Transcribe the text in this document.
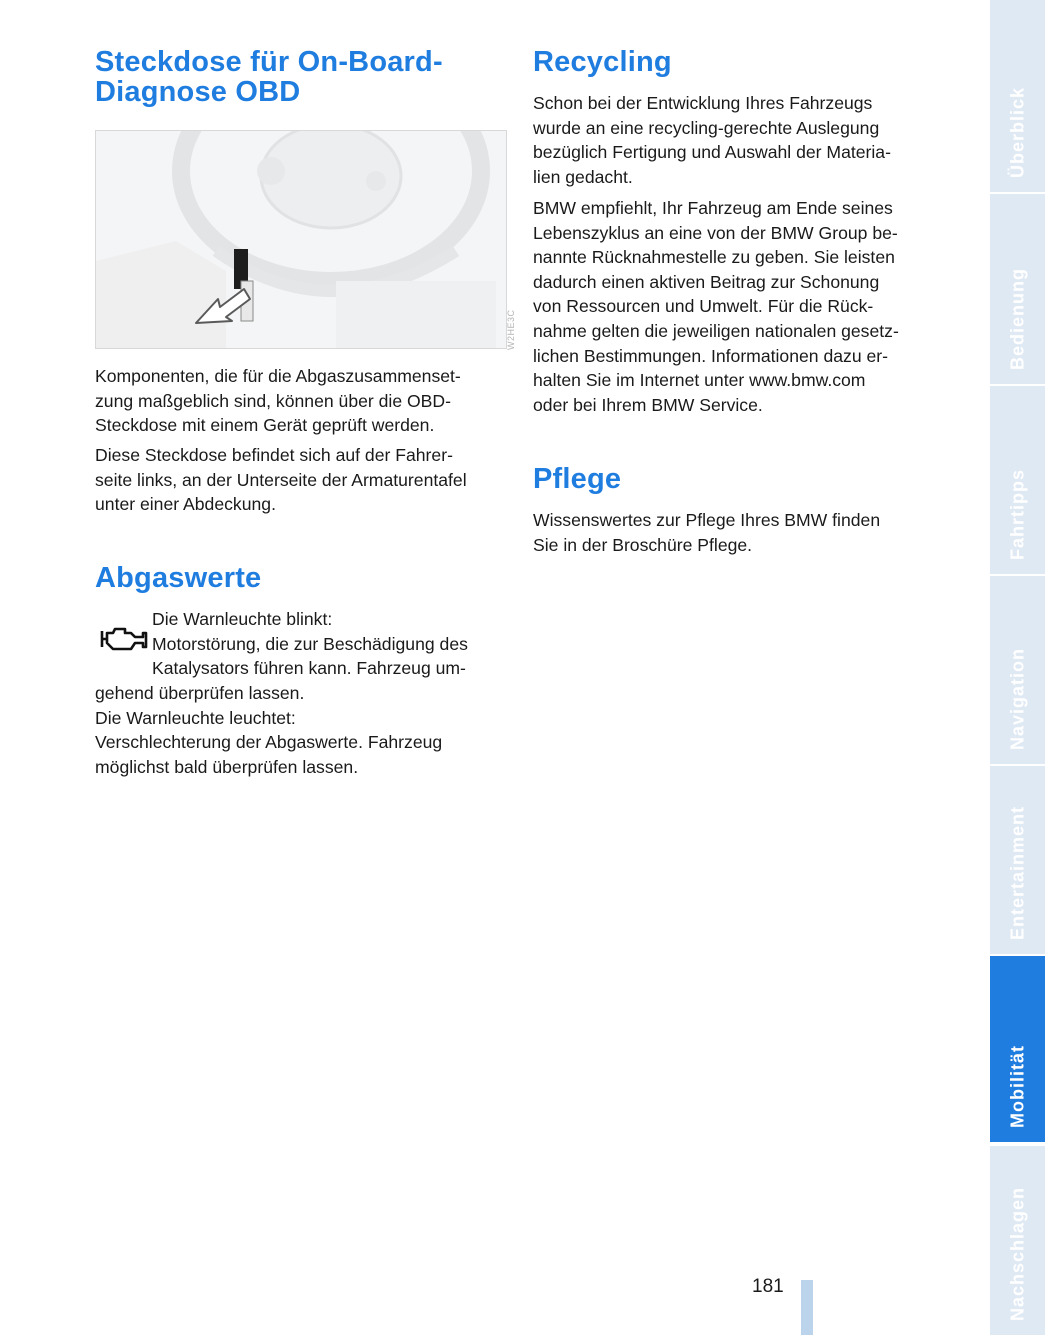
Steckdose für On-Board-
Diagnose OBD
W2HE3C

Komponenten, die für die Abgaszusammenset-
zung maßgeblich sind, können über die OBD-
Steckdose mit einem Gerät geprüft werden.

Diese Steckdose befindet sich auf der Fahrer-
seite links, an der Unterseite der Armaturentafel
unter einer Abdeckung.

Abgaswerte

Die Warnleuchte blinkt:
Motorstörung, die zur Beschädigung des
Katalysators führen kann. Fahrzeug um-

gehend überprüfen lassen.
Die Warnleuchte leuchtet:
Verschlechterung der Abgaswerte. Fahrzeug
möglichst bald überprüfen lassen.

Recycling

Schon bei der Entwicklung Ihres Fahrzeugs
wurde an eine recycling-gerechte Auslegung
bezüglich Fertigung und Auswahl der Materia-
lien gedacht.

BMW empfiehlt, Ihr Fahrzeug am Ende seines
Lebenszyklus an eine von der BMW Group be-
nannte Rücknahmestelle zu geben. Sie leisten
dadurch einen aktiven Beitrag zur Schonung
von Ressourcen und Umwelt. Für die Rück-
nahme gelten die jeweiligen nationalen gesetz-
lichen Bestimmungen. Informationen dazu er-
halten Sie im Internet unter www.bmw.com
oder bei Ihrem BMW Service.

Pflege

Wissenswertes zur Pflege Ihres BMW finden
Sie in der Broschüre Pflege.

Überblick
Bedienung
Fahrtipps
Navigation
Entertainment
Mobilität
Nachschlagen
181
